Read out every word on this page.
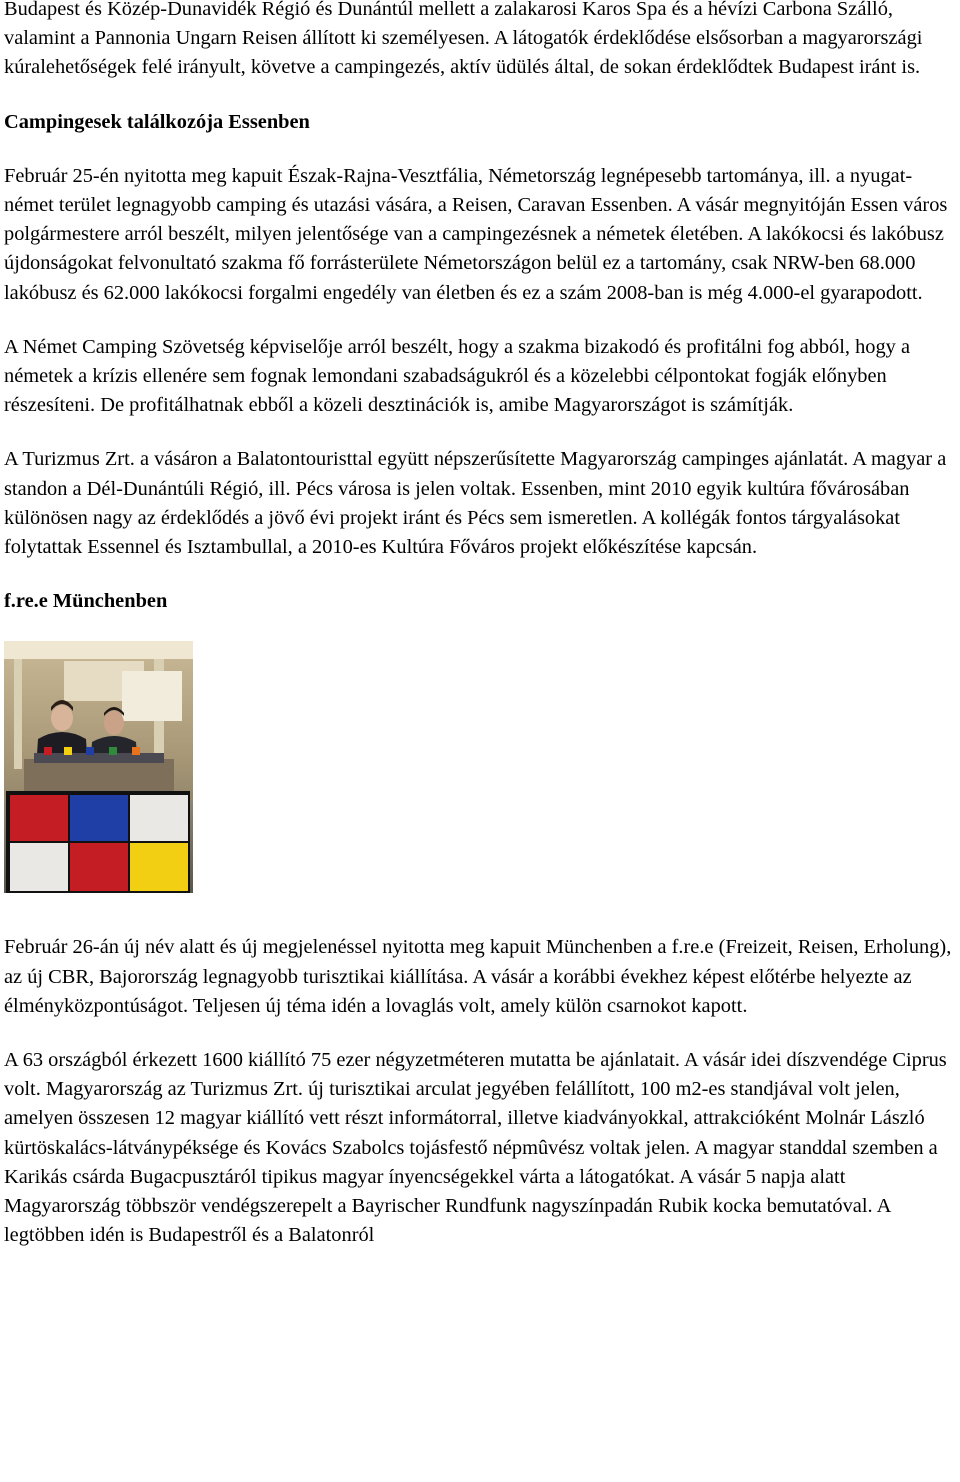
Budapest és Közép-Dunavidék Régió és Dunántúl mellett a zalakarosi Karos Spa és a hévízi Carbona Szálló, valamint a Pannonia Ungarn Reisen állított ki személyesen. A látogatók érdeklődése elsősorban a magyarországi kúralehetőségek felé irányult, követve a campingezés, aktív üdülés által, de sokan érdeklődtek Budapest iránt is.

Campingesek találkozója Essenben

Február 25-én nyitotta meg kapuit Észak-Rajna-Vesztfália, Németország legnépesebb tartománya, ill. a nyugat-német terület legnagyobb camping és utazási vására, a Reisen, Caravan Essenben. A vásár megnyitóján Essen város polgármestere arról beszélt, milyen jelentősége van a campingezésnek a németek életében. A lakókocsi és lakóbusz újdonságokat felvonultató szakma fő forrásterülete Németországon belül ez a tartomány, csak NRW-ben 68.000 lakóbusz és 62.000 lakókocsi forgalmi engedély van életben és ez a szám 2008-ban is még 4.000-el gyarapodott.

A Német Camping Szövetség képviselője arról beszélt, hogy a szakma bizakodó és profitálni fog abból, hogy a németek a krízis ellenére sem fognak lemondani szabadságukról és a közelebbi célpontokat fogják előnyben részesíteni. De profitálhatnak ebből a közeli desztinációk is, amibe Magyarországot is számítják.

A Turizmus Zrt. a vásáron a Balatontouristtal együtt népszerűsítette Magyarország campinges ajánlatát. A magyar a standon a Dél-Dunántúli Régió, ill. Pécs városa is jelen voltak. Essenben, mint 2010 egyik kultúra fővárosában különösen nagy az érdeklődés a jövő évi projekt iránt és Pécs sem ismeretlen. A kollégák fontos tárgyalásokat folytattak Essennel és Isztambullal, a 2010-es Kultúra Főváros projekt előkészítése kapcsán.

f.re.e Münchenben

Február 26-án új név alatt és új megjelenéssel nyitotta meg kapuit Münchenben a f.re.e (Freizeit, Reisen, Erholung), az új CBR, Bajorország legnagyobb turisztikai kiállítása. A vásár a korábbi évekhez képest előtérbe helyezte az élményközpontúságot. Teljesen új téma idén a lovaglás volt, amely külön csarnokot kapott.

A 63 országból érkezett 1600 kiállító 75 ezer négyzetméteren mutatta be ajánlatait. A vásár idei díszvendége Ciprus volt. Magyarország az Turizmus Zrt. új turisztikai arculat jegyében felállított, 100 m2-es standjával volt jelen, amelyen összesen 12 magyar kiállító vett részt informátorral, illetve kiadványokkal, attrakcióként Molnár László kürtöskalács-látványpéksége és Kovács Szabolcs tojásfestő népmûvész voltak jelen. A magyar standdal szemben a Karikás csárda Bugacpusztáról tipikus magyar ínyencségekkel várta a látogatókat. A vásár 5 napja alatt Magyarország többször vendégszerepelt a Bayrischer Rundfunk nagyszínpadán Rubik kocka bemutatóval. A legtöbben idén is Budapestről és a Balatonról
